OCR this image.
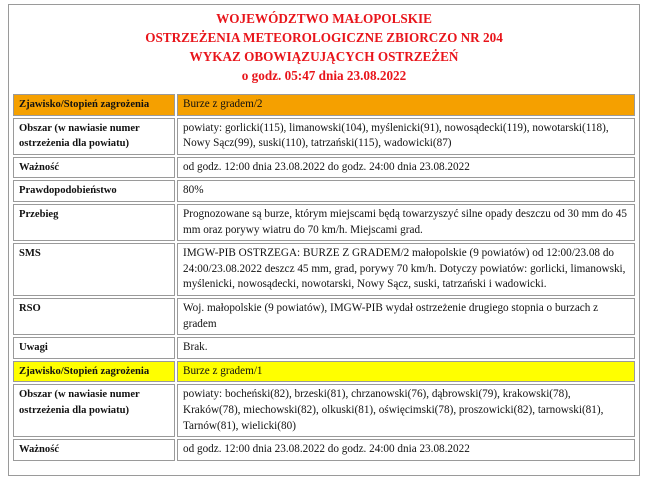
WOJEWÓDZTWO MAŁOPOLSKIE
OSTRZEŻENIA METEOROLOGICZNE ZBIORCZO NR 204
WYKAZ OBOWIĄZUJĄCYCH OSTRZEŻEŃ
o godz. 05:47 dnia 23.08.2022
Zjawisko/Stopień zagrożenia	Burze z gradem/2
Obszar (w nawiasie numer ostrzeżenia dla powiatu)	powiaty: gorlicki(115), limanowski(104), myślenicki(91), nowosądecki(119), nowotarski(118), Nowy Sącz(99), suski(110), tatrzański(115), wadowicki(87)
Ważność	od godz. 12:00 dnia 23.08.2022 do godz. 24:00 dnia 23.08.2022
Prawdopodobieństwo	80%
Przebieg	Prognozowane są burze, którym miejscami będą towarzyszyć silne opady deszczu od 30 mm do 45 mm oraz porywy wiatru do 70 km/h. Miejscami grad.
SMS	IMGW-PIB OSTRZEGA: BURZE Z GRADEM/2 małopolskie (9 powiatów) od 12:00/23.08 do 24:00/23.08.2022 deszcz 45 mm, grad, porywy 70 km/h. Dotyczy powiatów: gorlicki, limanowski, myślenicki, nowosądecki, nowotarski, Nowy Sącz, suski, tatrzański i wadowicki.
RSO	Woj. małopolskie (9 powiatów), IMGW-PIB wydał ostrzeżenie drugiego stopnia o burzach z gradem
Uwagi	Brak.
Zjawisko/Stopień zagrożenia	Burze z gradem/1
Obszar (w nawiasie numer ostrzeżenia dla powiatu)	powiaty: bocheński(82), brzeski(81), chrzanowski(76), dąbrowski(79), krakowski(78), Kraków(78), miechowski(82), olkuski(81), oświęcimski(78), proszowicki(82), tarnowski(81), Tarnów(81), wielicki(80)
Ważność	od godz. 12:00 dnia 23.08.2022 do godz. 24:00 dnia 23.08.2022
